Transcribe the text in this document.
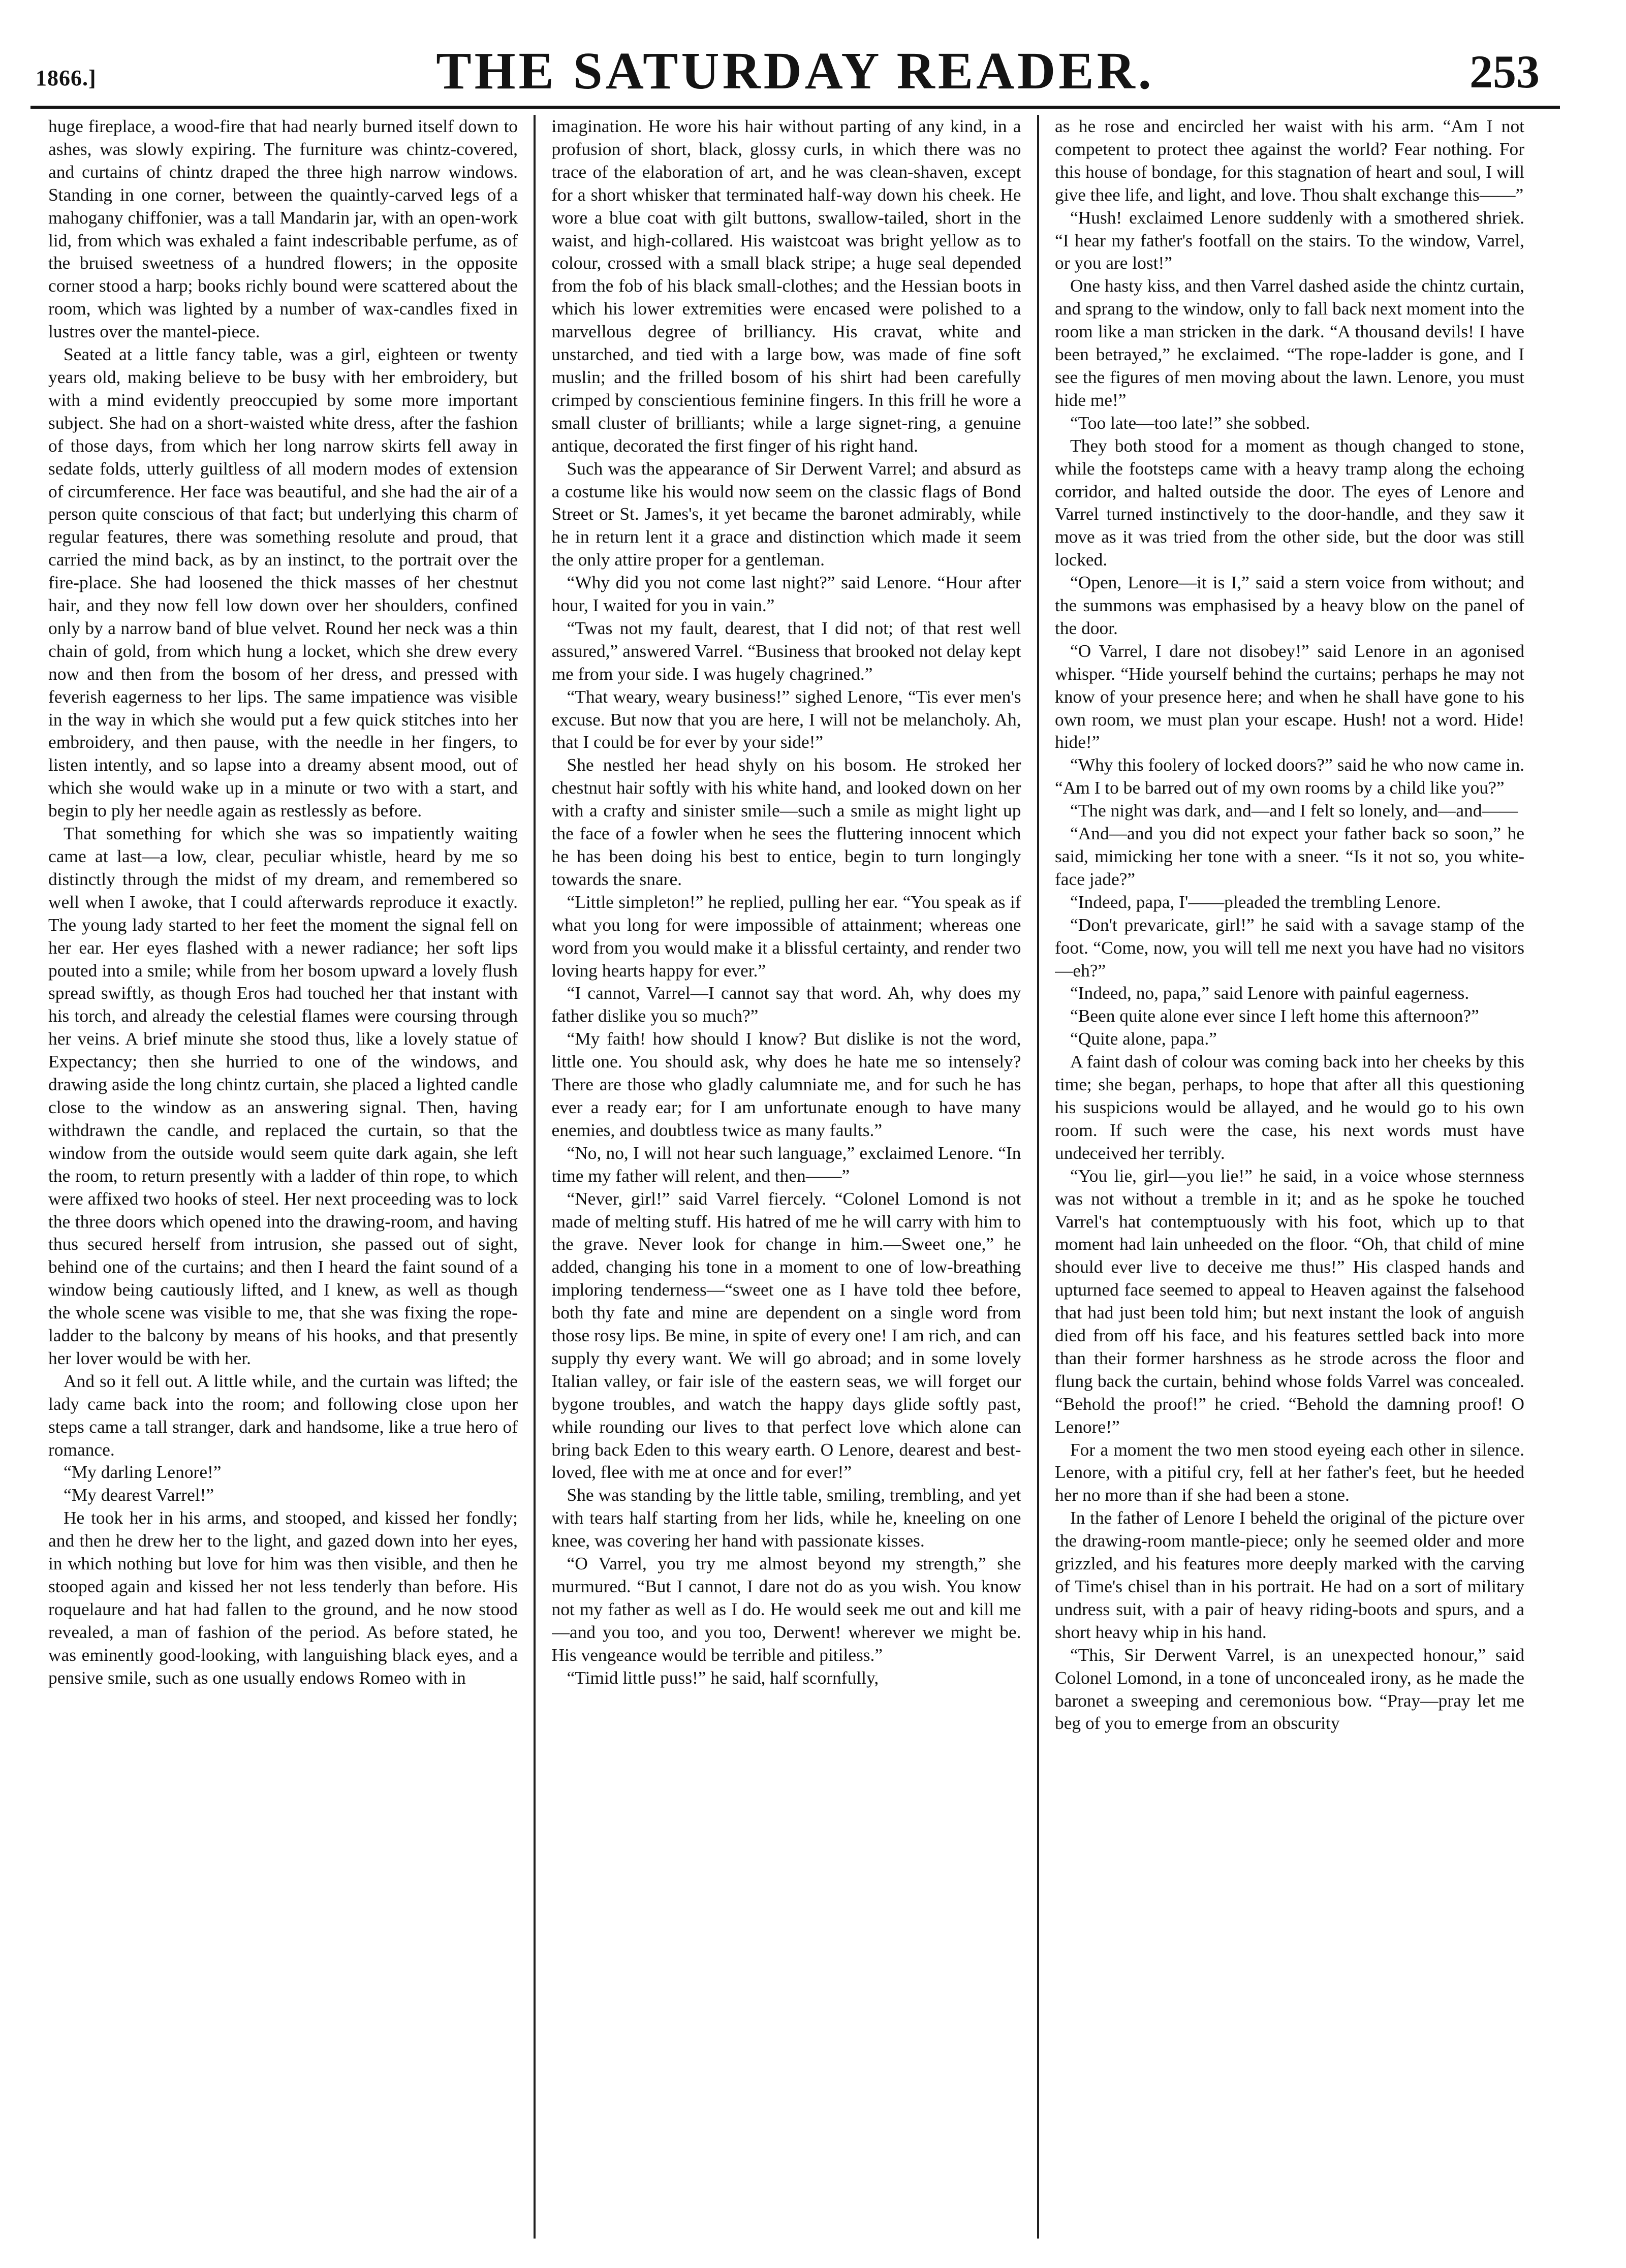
1866.]	THE SATURDAY READER.	253

huge fireplace, a wood-fire that had nearly burned itself down to ashes, was slowly expiring. The furniture was chintz-covered, and curtains of chintz draped the three high narrow windows. Standing in one corner, between the quaintly-carved legs of a mahogany chiffonier, was a tall Mandarin jar, with an open-work lid, from which was exhaled a faint indescribable perfume, as of the bruised sweetness of a hundred flowers; in the opposite corner stood a harp; books richly bound were scattered about the room, which was lighted by a number of wax-candles fixed in lustres over the mantel-piece.

Seated at a little fancy table, was a girl, eighteen or twenty years old, making believe to be busy with her embroidery, but with a mind evidently preoccupied by some more important subject. She had on a short-waisted white dress, after the fashion of those days, from which her long narrow skirts fell away in sedate folds, utterly guiltless of all modern modes of extension of circumference. Her face was beautiful, and she had the air of a person quite conscious of that fact; but underlying this charm of regular features, there was something resolute and proud, that carried the mind back, as by an instinct, to the portrait over the fire-place. She had loosened the thick masses of her chestnut hair, and they now fell low down over her shoulders, confined only by a narrow band of blue velvet. Round her neck was a thin chain of gold, from which hung a locket, which she drew every now and then from the bosom of her dress, and pressed with feverish eagerness to her lips. The same impatience was visible in the way in which she would put a few quick stitches into her embroidery, and then pause, with the needle in her fingers, to listen intently, and so lapse into a dreamy absent mood, out of which she would wake up in a minute or two with a start, and begin to ply her needle again as restlessly as before.

That something for which she was so impatiently waiting came at last—a low, clear, peculiar whistle, heard by me so distinctly through the midst of my dream, and remembered so well when I awoke, that I could afterwards reproduce it exactly. The young lady started to her feet the moment the signal fell on her ear. Her eyes flashed with a newer radiance; her soft lips pouted into a smile; while from her bosom upward a lovely flush spread swiftly, as though Eros had touched her that instant with his torch, and already the celestial flames were coursing through her veins. A brief minute she stood thus, like a lovely statue of Expectancy; then she hurried to one of the windows, and drawing aside the long chintz curtain, she placed a lighted candle close to the window as an answering signal. Then, having withdrawn the candle, and replaced the curtain, so that the window from the outside would seem quite dark again, she left the room, to return presently with a ladder of thin rope, to which were affixed two hooks of steel. Her next proceeding was to lock the three doors which opened into the drawing-room, and having thus secured herself from intrusion, she passed out of sight, behind one of the curtains; and then I heard the faint sound of a window being cautiously lifted, and I knew, as well as though the whole scene was visible to me, that she was fixing the rope-ladder to the balcony by means of his hooks, and that presently her lover would be with her.

And so it fell out. A little while, and the curtain was lifted; the lady came back into the room; and following close upon her steps came a tall stranger, dark and handsome, like a true hero of romance.

“My darling Lenore!”

“My dearest Varrel!”

He took her in his arms, and stooped, and kissed her fondly; and then he drew her to the light, and gazed down into her eyes, in which nothing but love for him was then visible, and then he stooped again and kissed her not less tenderly than before. His roquelaure and hat had fallen to the ground, and he now stood revealed, a man of fashion of the period. As before stated, he was eminently good-looking, with languishing black eyes, and a pensive smile, such as one usually endows Romeo with in

imagination. He wore his hair without parting of any kind, in a profusion of short, black, glossy curls, in which there was no trace of the elaboration of art, and he was clean-shaven, except for a short whisker that terminated half-way down his cheek. He wore a blue coat with gilt buttons, swallow-tailed, short in the waist, and high-collared. His waistcoat was bright yellow as to colour, crossed with a small black stripe; a huge seal depended from the fob of his black small-clothes; and the Hessian boots in which his lower extremities were encased were polished to a marvellous degree of brilliancy. His cravat, white and unstarched, and tied with a large bow, was made of fine soft muslin; and the frilled bosom of his shirt had been carefully crimped by conscientious feminine fingers. In this frill he wore a small cluster of brilliants; while a large signet-ring, a genuine antique, decorated the first finger of his right hand.

Such was the appearance of Sir Derwent Varrel; and absurd as a costume like his would now seem on the classic flags of Bond Street or St. James's, it yet became the baronet admirably, while he in return lent it a grace and distinction which made it seem the only attire proper for a gentleman.

“Why did you not come last night?” said Lenore. “Hour after hour, I waited for you in vain.”

“Twas not my fault, dearest, that I did not; of that rest well assured,” answered Varrel. “Business that brooked not delay kept me from your side. I was hugely chagrined.”

“That weary, weary business!” sighed Lenore, “Tis ever men's excuse. But now that you are here, I will not be melancholy. Ah, that I could be for ever by your side!”

She nestled her head shyly on his bosom. He stroked her chestnut hair softly with his white hand, and looked down on her with a crafty and sinister smile—such a smile as might light up the face of a fowler when he sees the fluttering innocent which he has been doing his best to entice, begin to turn longingly towards the snare.

“Little simpleton!” he replied, pulling her ear. “You speak as if what you long for were impossible of attainment; whereas one word from you would make it a blissful certainty, and render two loving hearts happy for ever.”

“I cannot, Varrel—I cannot say that word. Ah, why does my father dislike you so much?”

“My faith! how should I know? But dislike is not the word, little one. You should ask, why does he hate me so intensely? There are those who gladly calumniate me, and for such he has ever a ready ear; for I am unfortunate enough to have many enemies, and doubtless twice as many faults.”

“No, no, I will not hear such language,” exclaimed Lenore. “In time my father will relent, and then——”

“Never, girl!” said Varrel fiercely. “Colonel Lomond is not made of melting stuff. His hatred of me he will carry with him to the grave. Never look for change in him.—Sweet one,” he added, changing his tone in a moment to one of low-breathing imploring tenderness—“sweet one as I have told thee before, both thy fate and mine are dependent on a single word from those rosy lips. Be mine, in spite of every one! I am rich, and can supply thy every want. We will go abroad; and in some lovely Italian valley, or fair isle of the eastern seas, we will forget our bygone troubles, and watch the happy days glide softly past, while rounding our lives to that perfect love which alone can bring back Eden to this weary earth. O Lenore, dearest and best-loved, flee with me at once and for ever!”

She was standing by the little table, smiling, trembling, and yet with tears half starting from her lids, while he, kneeling on one knee, was covering her hand with passionate kisses.

“O Varrel, you try me almost beyond my strength,” she murmured. “But I cannot, I dare not do as you wish. You know not my father as well as I do. He would seek me out and kill me—and you too, and you too, Derwent! wherever we might be. His vengeance would be terrible and pitiless.”

“Timid little puss!” he said, half scornfully,

as he rose and encircled her waist with his arm. “Am I not competent to protect thee against the world? Fear nothing. For this house of bondage, for this stagnation of heart and soul, I will give thee life, and light, and love. Thou shalt exchange this——”

“Hush! exclaimed Lenore suddenly with a smothered shriek. “I hear my father's footfall on the stairs. To the window, Varrel, or you are lost!”

One hasty kiss, and then Varrel dashed aside the chintz curtain, and sprang to the window, only to fall back next moment into the room like a man stricken in the dark. “A thousand devils! I have been betrayed,” he exclaimed. “The rope-ladder is gone, and I see the figures of men moving about the lawn. Lenore, you must hide me!”

“Too late—too late!” she sobbed.

They both stood for a moment as though changed to stone, while the footsteps came with a heavy tramp along the echoing corridor, and halted outside the door. The eyes of Lenore and Varrel turned instinctively to the door-handle, and they saw it move as it was tried from the other side, but the door was still locked.

“Open, Lenore—it is I,” said a stern voice from without; and the summons was emphasised by a heavy blow on the panel of the door.

“O Varrel, I dare not disobey!” said Lenore in an agonised whisper. “Hide yourself behind the curtains; perhaps he may not know of your presence here; and when he shall have gone to his own room, we must plan your escape. Hush! not a word. Hide! hide!”

“Why this foolery of locked doors?” said he who now came in. “Am I to be barred out of my own rooms by a child like you?”

“The night was dark, and—and I felt so lonely, and—and——

“And—and you did not expect your father back so soon,” he said, mimicking her tone with a sneer. “Is it not so, you white-face jade?”

“Indeed, papa, I'——pleaded the trembling Lenore.

“Don't prevaricate, girl!” he said with a savage stamp of the foot. “Come, now, you will tell me next you have had no visitors—eh?”

“Indeed, no, papa,” said Lenore with painful eagerness.

“Been quite alone ever since I left home this afternoon?”

“Quite alone, papa.”

A faint dash of colour was coming back into her cheeks by this time; she began, perhaps, to hope that after all this questioning his suspicions would be allayed, and he would go to his own room. If such were the case, his next words must have undeceived her terribly.

“You lie, girl—you lie!” he said, in a voice whose sternness was not without a tremble in it; and as he spoke he touched Varrel's hat contemptuously with his foot, which up to that moment had lain unheeded on the floor. “Oh, that child of mine should ever live to deceive me thus!” His clasped hands and upturned face seemed to appeal to Heaven against the falsehood that had just been told him; but next instant the look of anguish died from off his face, and his features settled back into more than their former harshness as he strode across the floor and flung back the curtain, behind whose folds Varrel was concealed. “Behold the proof!” he cried. “Behold the damning proof! O Lenore!”

For a moment the two men stood eyeing each other in silence. Lenore, with a pitiful cry, fell at her father's feet, but he heeded her no more than if she had been a stone.

In the father of Lenore I beheld the original of the picture over the drawing-room mantle-piece; only he seemed older and more grizzled, and his features more deeply marked with the carving of Time's chisel than in his portrait. He had on a sort of military undress suit, with a pair of heavy riding-boots and spurs, and a short heavy whip in his hand.

“This, Sir Derwent Varrel, is an unexpected honour,” said Colonel Lomond, in a tone of unconcealed irony, as he made the baronet a sweeping and ceremonious bow. “Pray—pray let me beg of you to emerge from an obscurity
